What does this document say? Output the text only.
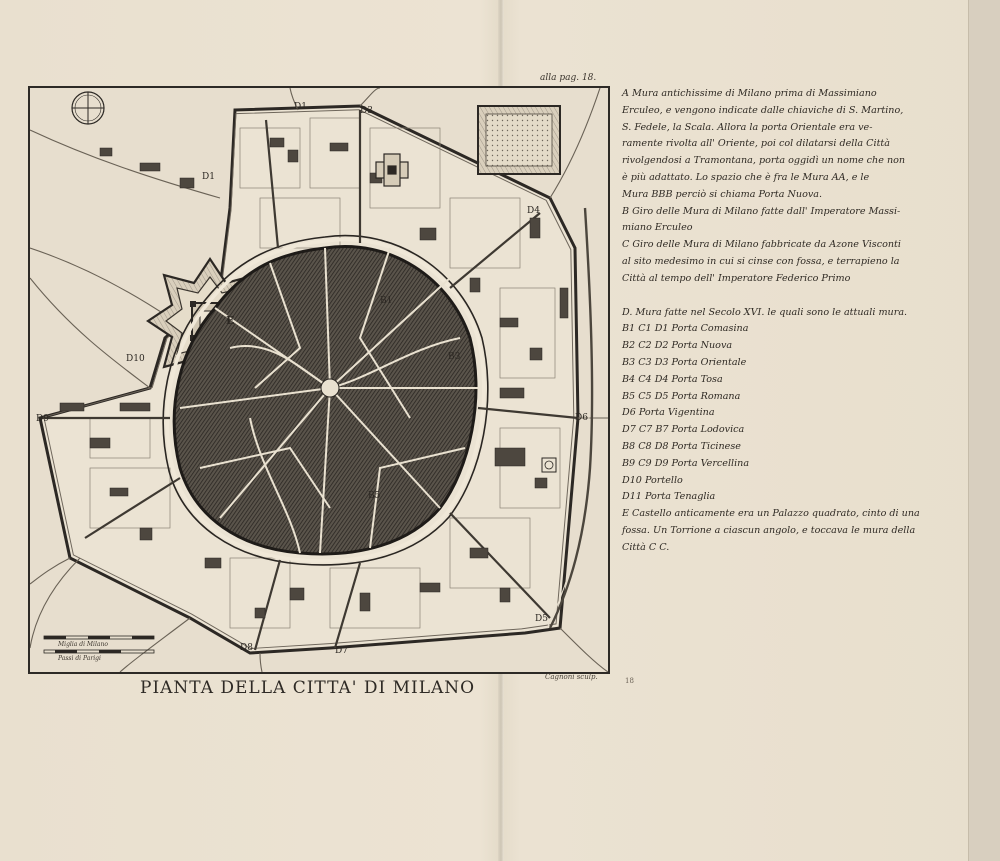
alla pag. 18.
D1	D3
D1
D4
D6
D5
D7
D8
D9
D10
B1
B3
B5
E
Miglia di Milano
Passi di Parigi
Cagnoni sculp.	18
PIANTA DELLA CITTA' DI MILANO
A Mura antichissime di Milano prima di Massimiano
Erculeo, e vengono indicate dalle chiaviche di S. Martino,
S. Fedele, la Scala. Allora la porta Orientale era ve-
ramente rivolta all' Oriente, poi col dilatarsi della Città
rivolgendosi a Tramontana, porta oggidì un nome che non
è più adattato. Lo spazio che è fra le Mura AA, e le
Mura BBB perciò si chiama Porta Nuova.
B Giro delle Mura di Milano fatte dall' Imperatore Massi-
miano Erculeo
C Giro delle Mura di Milano fabbricate da Azone Visconti
al sito medesimo in cui si cinse con fossa, e terrapieno la
Città al tempo dell' Imperatore Federico Primo
D. Mura fatte nel Secolo XVI. le quali sono le attuali mura.
B1 C1 D1 Porta Comasina
B2 C2 D2 Porta Nuova
B3 C3 D3 Porta Orientale
B4 C4 D4 Porta Tosa
B5 C5 D5 Porta Romana
D6 Porta Vigentina
D7 C7 B7 Porta Lodovica
B8 C8 D8 Porta Ticinese
B9 C9 D9 Porta Vercellina
D10 Portello
D11 Porta Tenaglia
E Castello anticamente era un Palazzo quadrato, cinto di una
fossa. Un Torrione a ciascun angolo, e toccava le mura della
Città C C.
